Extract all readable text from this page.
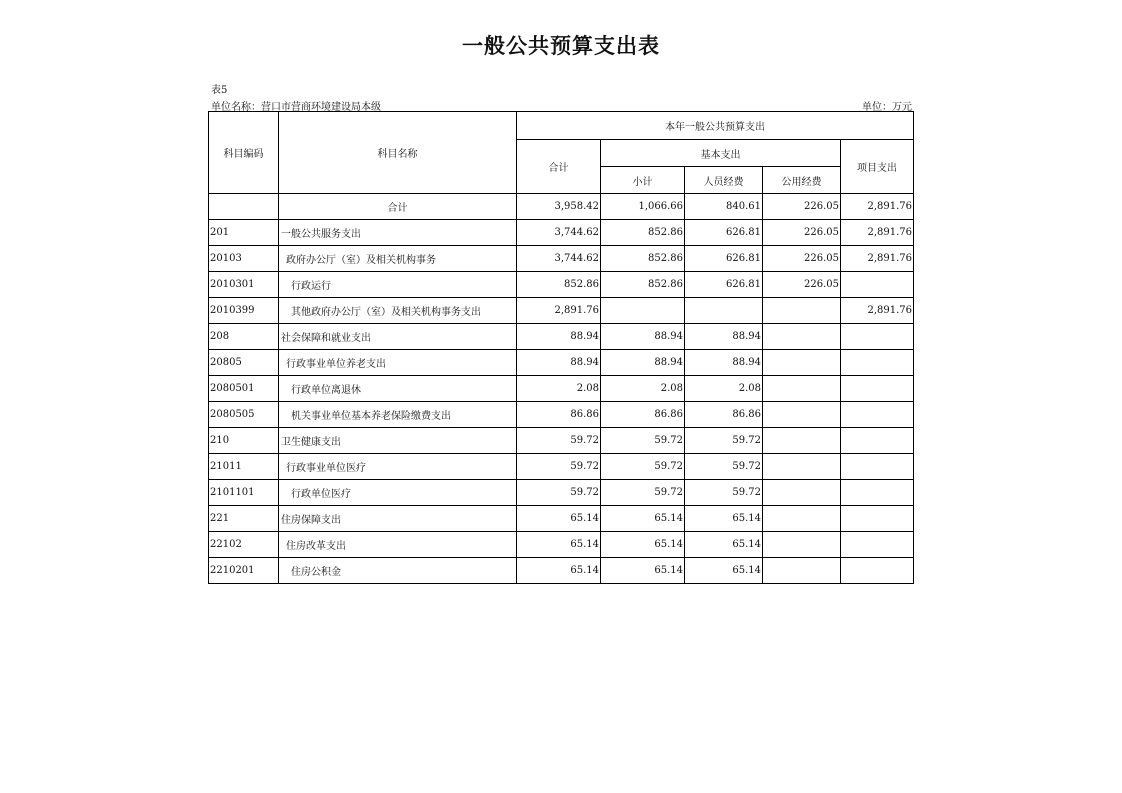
一般公共预算支出表
表5
单位名称：营口市营商环境建设局本级	单位：万元
科目编码	科目名称	本年一般公共预算支出				
		合计	基本支出			项目支出
			小计	人员经费	公用经费	
	合计	3,958.42	1,066.66	840.61	226.05	2,891.76
201	一般公共服务支出	3,744.62	852.86	626.81	226.05	2,891.76
20103	政府办公厅（室）及相关机构事务	3,744.62	852.86	626.81	226.05	2,891.76
2010301	行政运行	852.86	852.86	626.81	226.05	
2010399	其他政府办公厅（室）及相关机构事务支出	2,891.76				2,891.76
208	社会保障和就业支出	88.94	88.94	88.94		
20805	行政事业单位养老支出	88.94	88.94	88.94		
2080501	行政单位离退休	2.08	2.08	2.08		
2080505	机关事业单位基本养老保险缴费支出	86.86	86.86	86.86		
210	卫生健康支出	59.72	59.72	59.72		
21011	行政事业单位医疗	59.72	59.72	59.72		
2101101	行政单位医疗	59.72	59.72	59.72		
221	住房保障支出	65.14	65.14	65.14		
22102	住房改革支出	65.14	65.14	65.14		
2210201	住房公积金	65.14	65.14	65.14		
